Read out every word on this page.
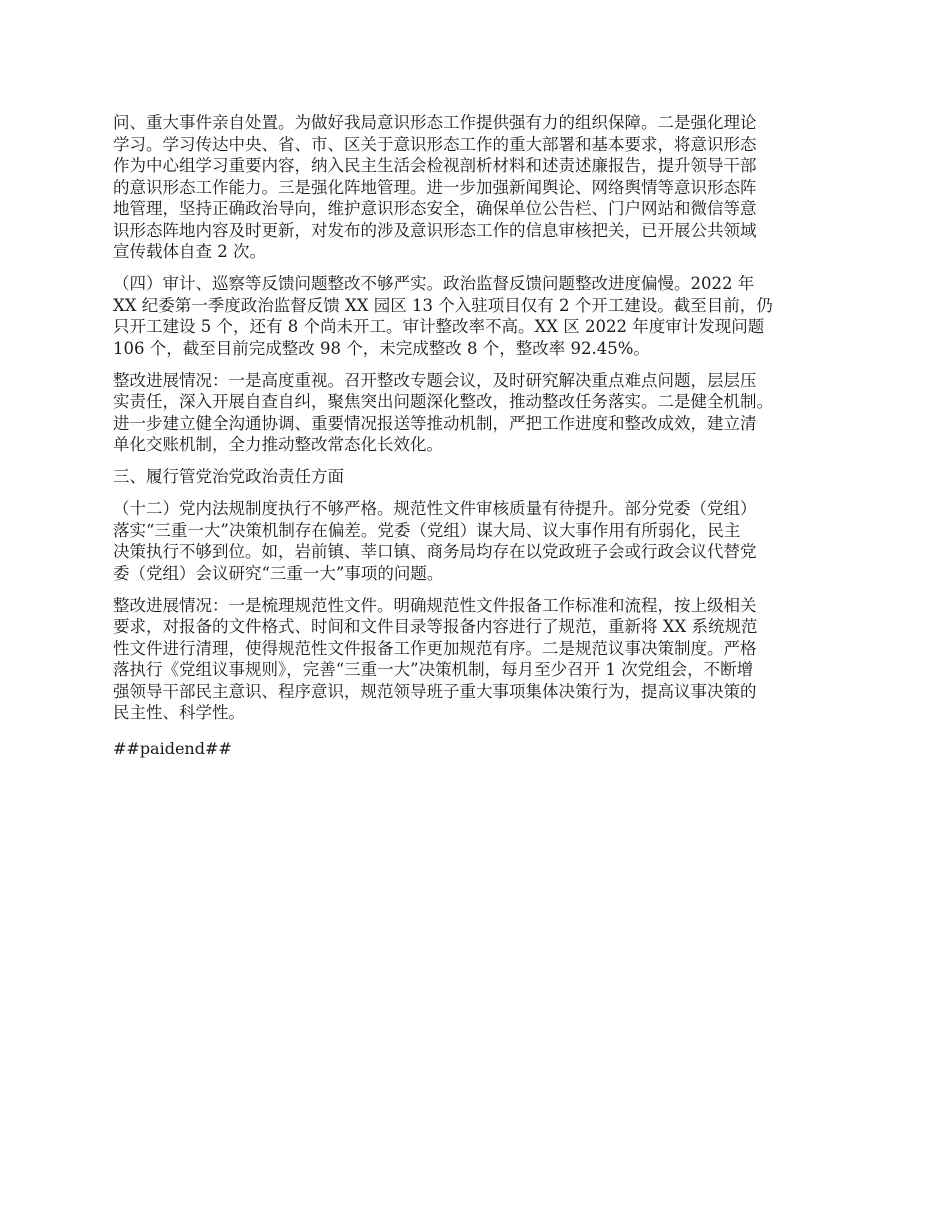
问、重大事件亲自处置。为做好我局意识形态工作提供强有力的组织保障。二是强化理论
学习。学习传达中央、省、市、区关于意识形态工作的重大部署和基本要求，将意识形态
作为中心组学习重要内容，纳入民主生活会检视剖析材料和述责述廉报告，提升领导干部
的意识形态工作能力。三是强化阵地管理。进一步加强新闻舆论、网络舆情等意识形态阵
地管理，坚持正确政治导向，维护意识形态安全，确保单位公告栏、门户网站和微信等意
识形态阵地内容及时更新，对发布的涉及意识形态工作的信息审核把关，已开展公共领域
宣传载体自查 2 次。

（四）审计、巡察等反馈问题整改不够严实。政治监督反馈问题整改进度偏慢。2022 年
XX 纪委第一季度政治监督反馈 XX 园区 13 个入驻项目仅有 2 个开工建设。截至目前，仍
只开工建设 5 个，还有 8 个尚未开工。审计整改率不高。XX 区 2022 年度审计发现问题
106 个，截至目前完成整改 98 个，未完成整改 8 个，整改率 92.45%。

整改进展情况：一是高度重视。召开整改专题会议，及时研究解决重点难点问题，层层压
实责任，深入开展自查自纠，聚焦突出问题深化整改，推动整改任务落实。二是健全机制。
进一步建立健全沟通协调、重要情况报送等推动机制，严把工作进度和整改成效，建立清
单化交账机制，全力推动整改常态化长效化。

三、履行管党治党政治责任方面

（十二）党内法规制度执行不够严格。规范性文件审核质量有待提升。部分党委（党组）
落实“三重一大”决策机制存在偏差。党委（党组）谋大局、议大事作用有所弱化，民主
决策执行不够到位。如，岩前镇、莘口镇、商务局均存在以党政班子会或行政会议代替党
委（党组）会议研究“三重一大”事项的问题。

整改进展情况：一是梳理规范性文件。明确规范性文件报备工作标准和流程，按上级相关
要求，对报备的文件格式、时间和文件目录等报备内容进行了规范，重新将 XX 系统规范
性文件进行清理，使得规范性文件报备工作更加规范有序。二是规范议事决策制度。严格
落执行《党组议事规则》，完善“三重一大”决策机制，每月至少召开 1 次党组会，不断增
强领导干部民主意识、程序意识，规范领导班子重大事项集体决策行为，提高议事决策的
民主性、科学性。

##paidend##
